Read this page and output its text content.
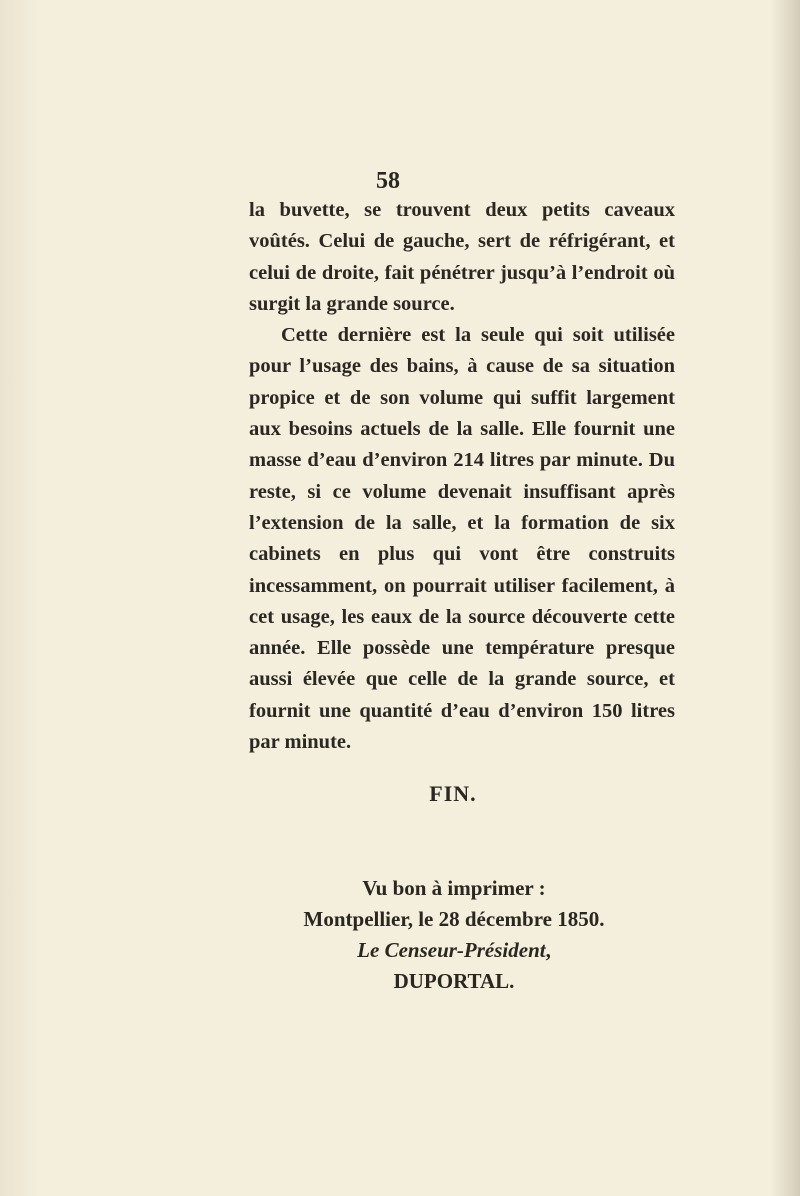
58

la buvette, se trouvent deux petits caveaux voûtés. Celui de gauche, sert de réfrigérant, et celui de droite, fait pénétrer jusqu’à l’endroit où surgit la grande source.

Cette dernière est la seule qui soit utilisée pour l’usage des bains, à cause de sa situation propice et de son volume qui suffit largement aux besoins actuels de la salle. Elle fournit une masse d’eau d’environ 214 litres par minute. Du reste, si ce volume devenait insuffisant après l’extension de la salle, et la formation de six cabinets en plus qui vont être construits incessamment, on pourrait utiliser facilement, à cet usage, les eaux de la source découverte cette année. Elle possède une température presque aussi élevée que celle de la grande source, et fournit une quantité d’eau d’environ 150 litres par minute.

FIN.
Vu bon à imprimer :
Montpellier, le 28 décembre 1850.
Le Censeur-Président,
DUPORTAL.
